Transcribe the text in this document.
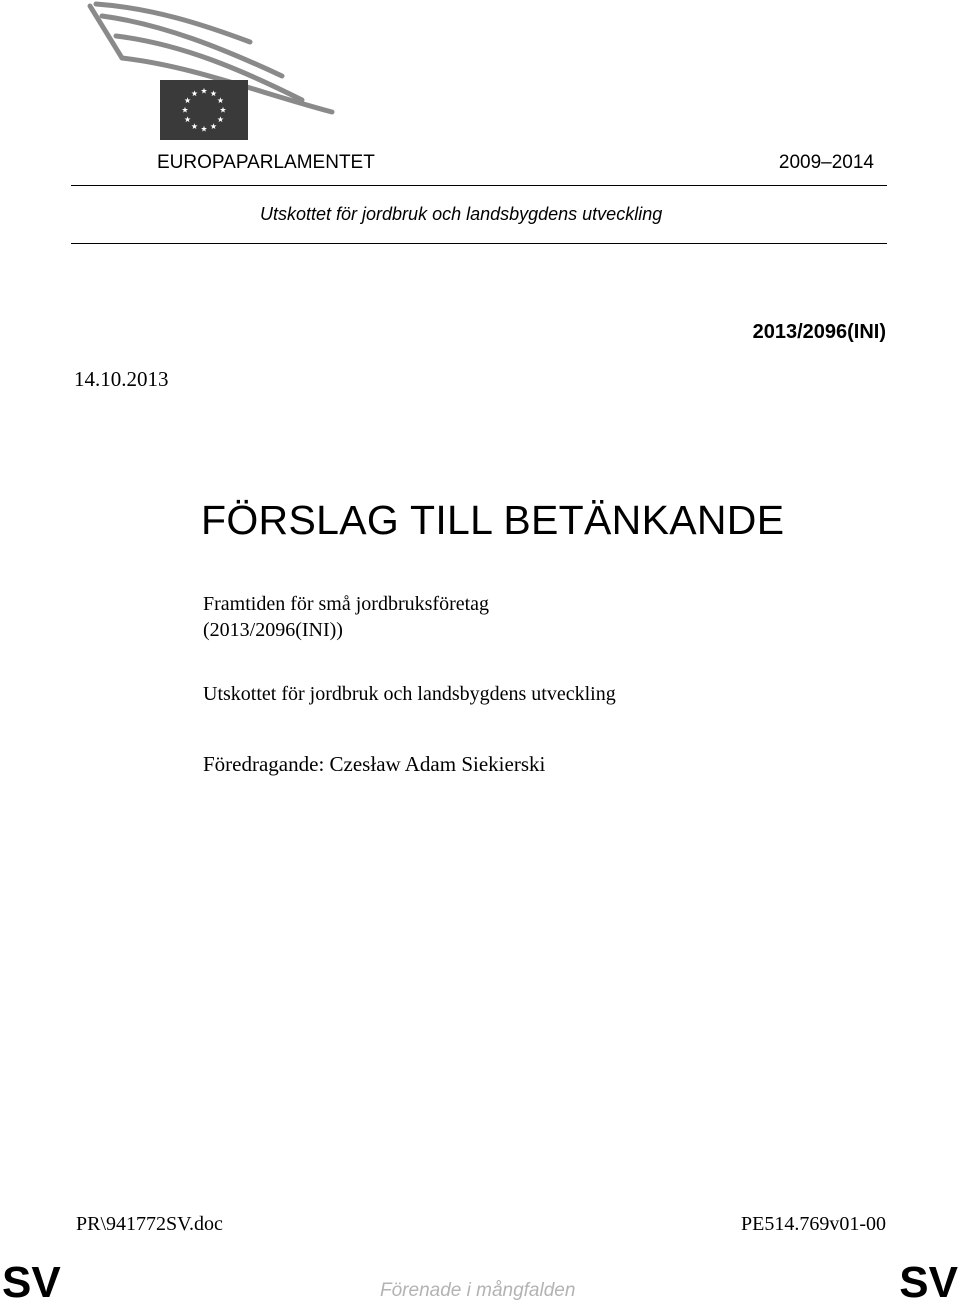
EUROPAPARLAMENTET	2009–2014
Utskottet för jordbruk och landsbygdens utveckling
2013/2096(INI)
14.10.2013
FÖRSLAG TILL BETÄNKANDE
Framtiden för små jordbruksföretag
(2013/2096(INI))
Utskottet för jordbruk och landsbygdens utveckling
Föredragande: Czesław Adam Siekierski
PR\941772SV.doc	PE514.769v01-00
SV	Förenade i mångfalden	SV
